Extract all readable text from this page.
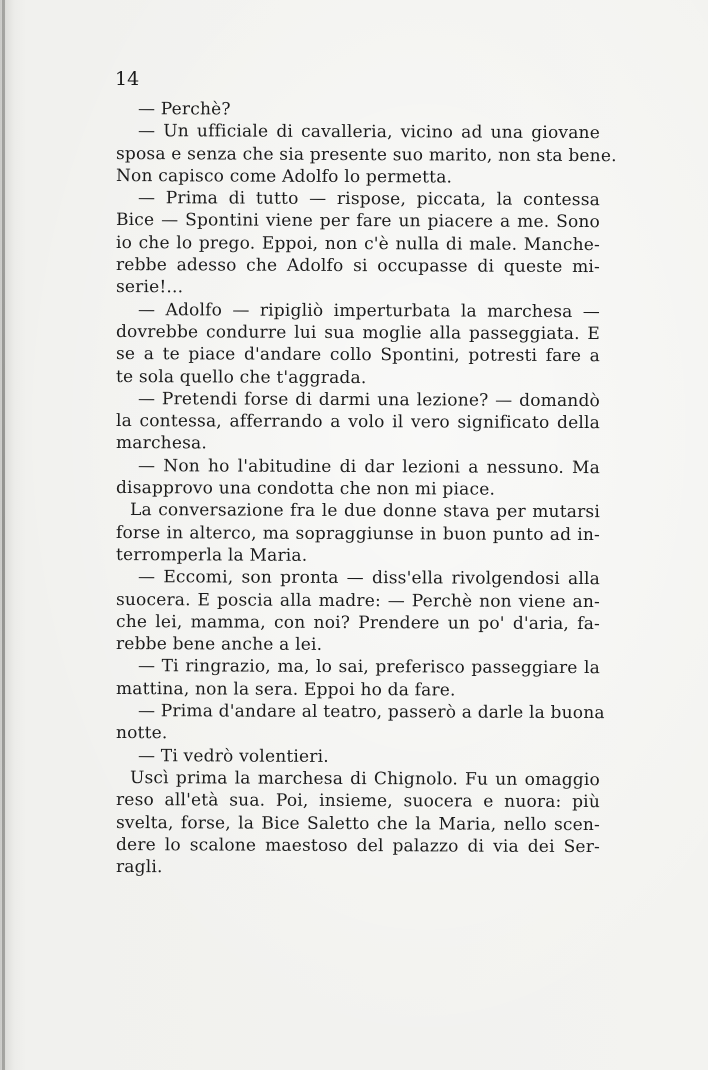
14
— Perchè?
— Un ufficiale di cavalleria, vicino ad una giovane
sposa e senza che sia presente suo marito, non sta bene.
Non capisco come Adolfo lo permetta.
— Prima di tutto — rispose, piccata, la contessa
Bice — Spontini viene per fare un piacere a me. Sono
io che lo prego. Eppoi, non c'è nulla di male. Manche-
rebbe adesso che Adolfo si occupasse di queste mi-
serie!...
— Adolfo — ripigliò imperturbata la marchesa —
dovrebbe condurre lui sua moglie alla passeggiata. E
se a te piace d'andare collo Spontini, potresti fare a
te sola quello che t'aggrada.
— Pretendi forse di darmi una lezione? — domandò
la contessa, afferrando a volo il vero significato della
marchesa.
— Non ho l'abitudine di dar lezioni a nessuno. Ma
disapprovo una condotta che non mi piace.
La conversazione fra le due donne stava per mutarsi
forse in alterco, ma sopraggiunse in buon punto ad in-
terromperla la Maria.
— Eccomi, son pronta — diss'ella rivolgendosi alla
suocera. E poscia alla madre: — Perchè non viene an-
che lei, mamma, con noi? Prendere un po' d'aria, fa-
rebbe bene anche a lei.
— Ti ringrazio, ma, lo sai, preferisco passeggiare la
mattina, non la sera. Eppoi ho da fare.
— Prima d'andare al teatro, passerò a darle la buona
notte.
— Ti vedrò volentieri.
Uscì prima la marchesa di Chignolo. Fu un omaggio
reso all'età sua. Poi, insieme, suocera e nuora: più
svelta, forse, la Bice Saletto che la Maria, nello scen-
dere lo scalone maestoso del palazzo di via dei Ser-
ragli.
